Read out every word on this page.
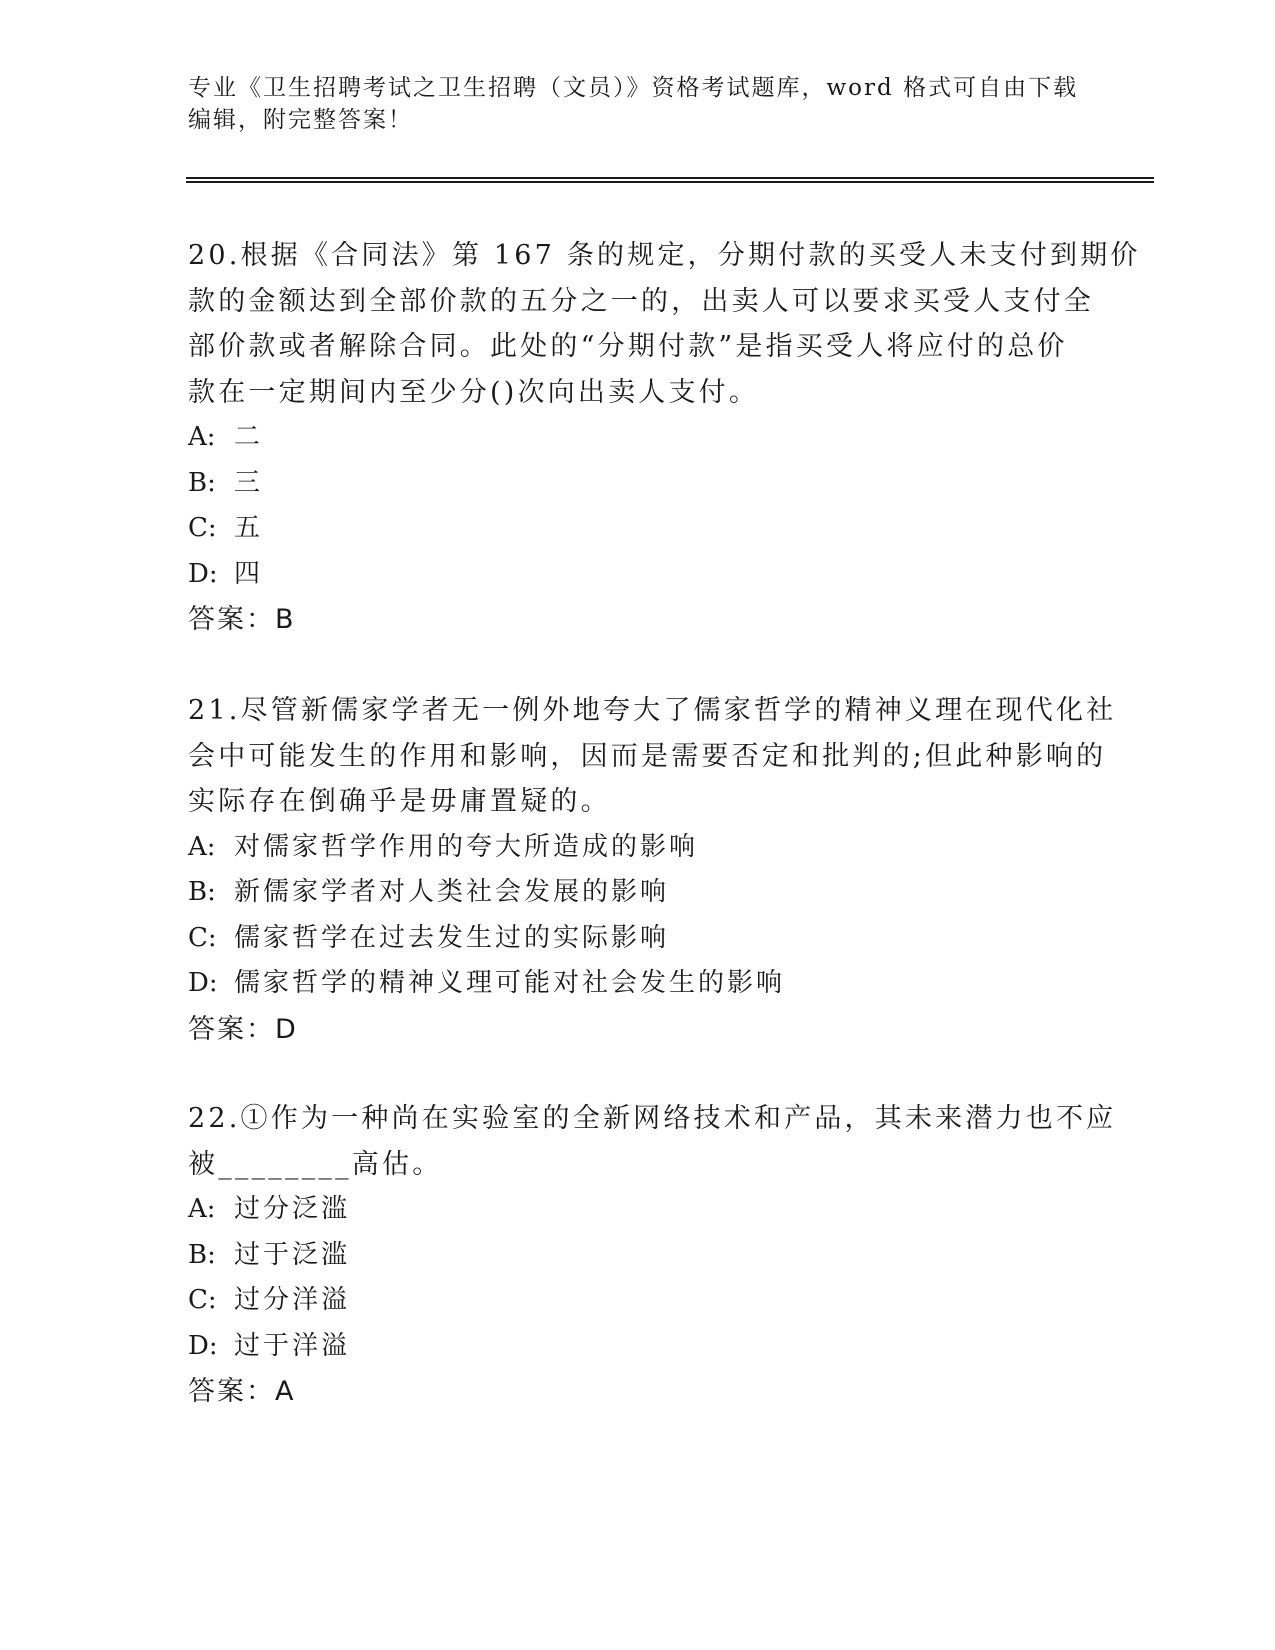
专业《卫生招聘考试之卫生招聘（文员）》资格考试题库，word 格式可自由下载
编辑，附完整答案！
20.根据《合同法》第 167 条的规定，分期付款的买受人未支付到期价
款的金额达到全部价款的五分之一的，出卖人可以要求买受人支付全
部价款或者解除合同。此处的“分期付款”是指买受人将应付的总价
款在一定期间内至少分()次向出卖人支付。
A: 二
B: 三
C: 五
D: 四
答案：B
21.尽管新儒家学者无一例外地夸大了儒家哲学的精神义理在现代化社
会中可能发生的作用和影响，因而是需要否定和批判的;但此种影响的
实际存在倒确乎是毋庸置疑的。
A: 对儒家哲学作用的夸大所造成的影响
B: 新儒家学者对人类社会发展的影响
C: 儒家哲学在过去发生过的实际影响
D: 儒家哲学的精神义理可能对社会发生的影响
答案：D
22.①作为一种尚在实验室的全新网络技术和产品，其未来潜力也不应
被________高估。
A: 过分泛滥
B: 过于泛滥
C: 过分洋溢
D: 过于洋溢
答案：A
